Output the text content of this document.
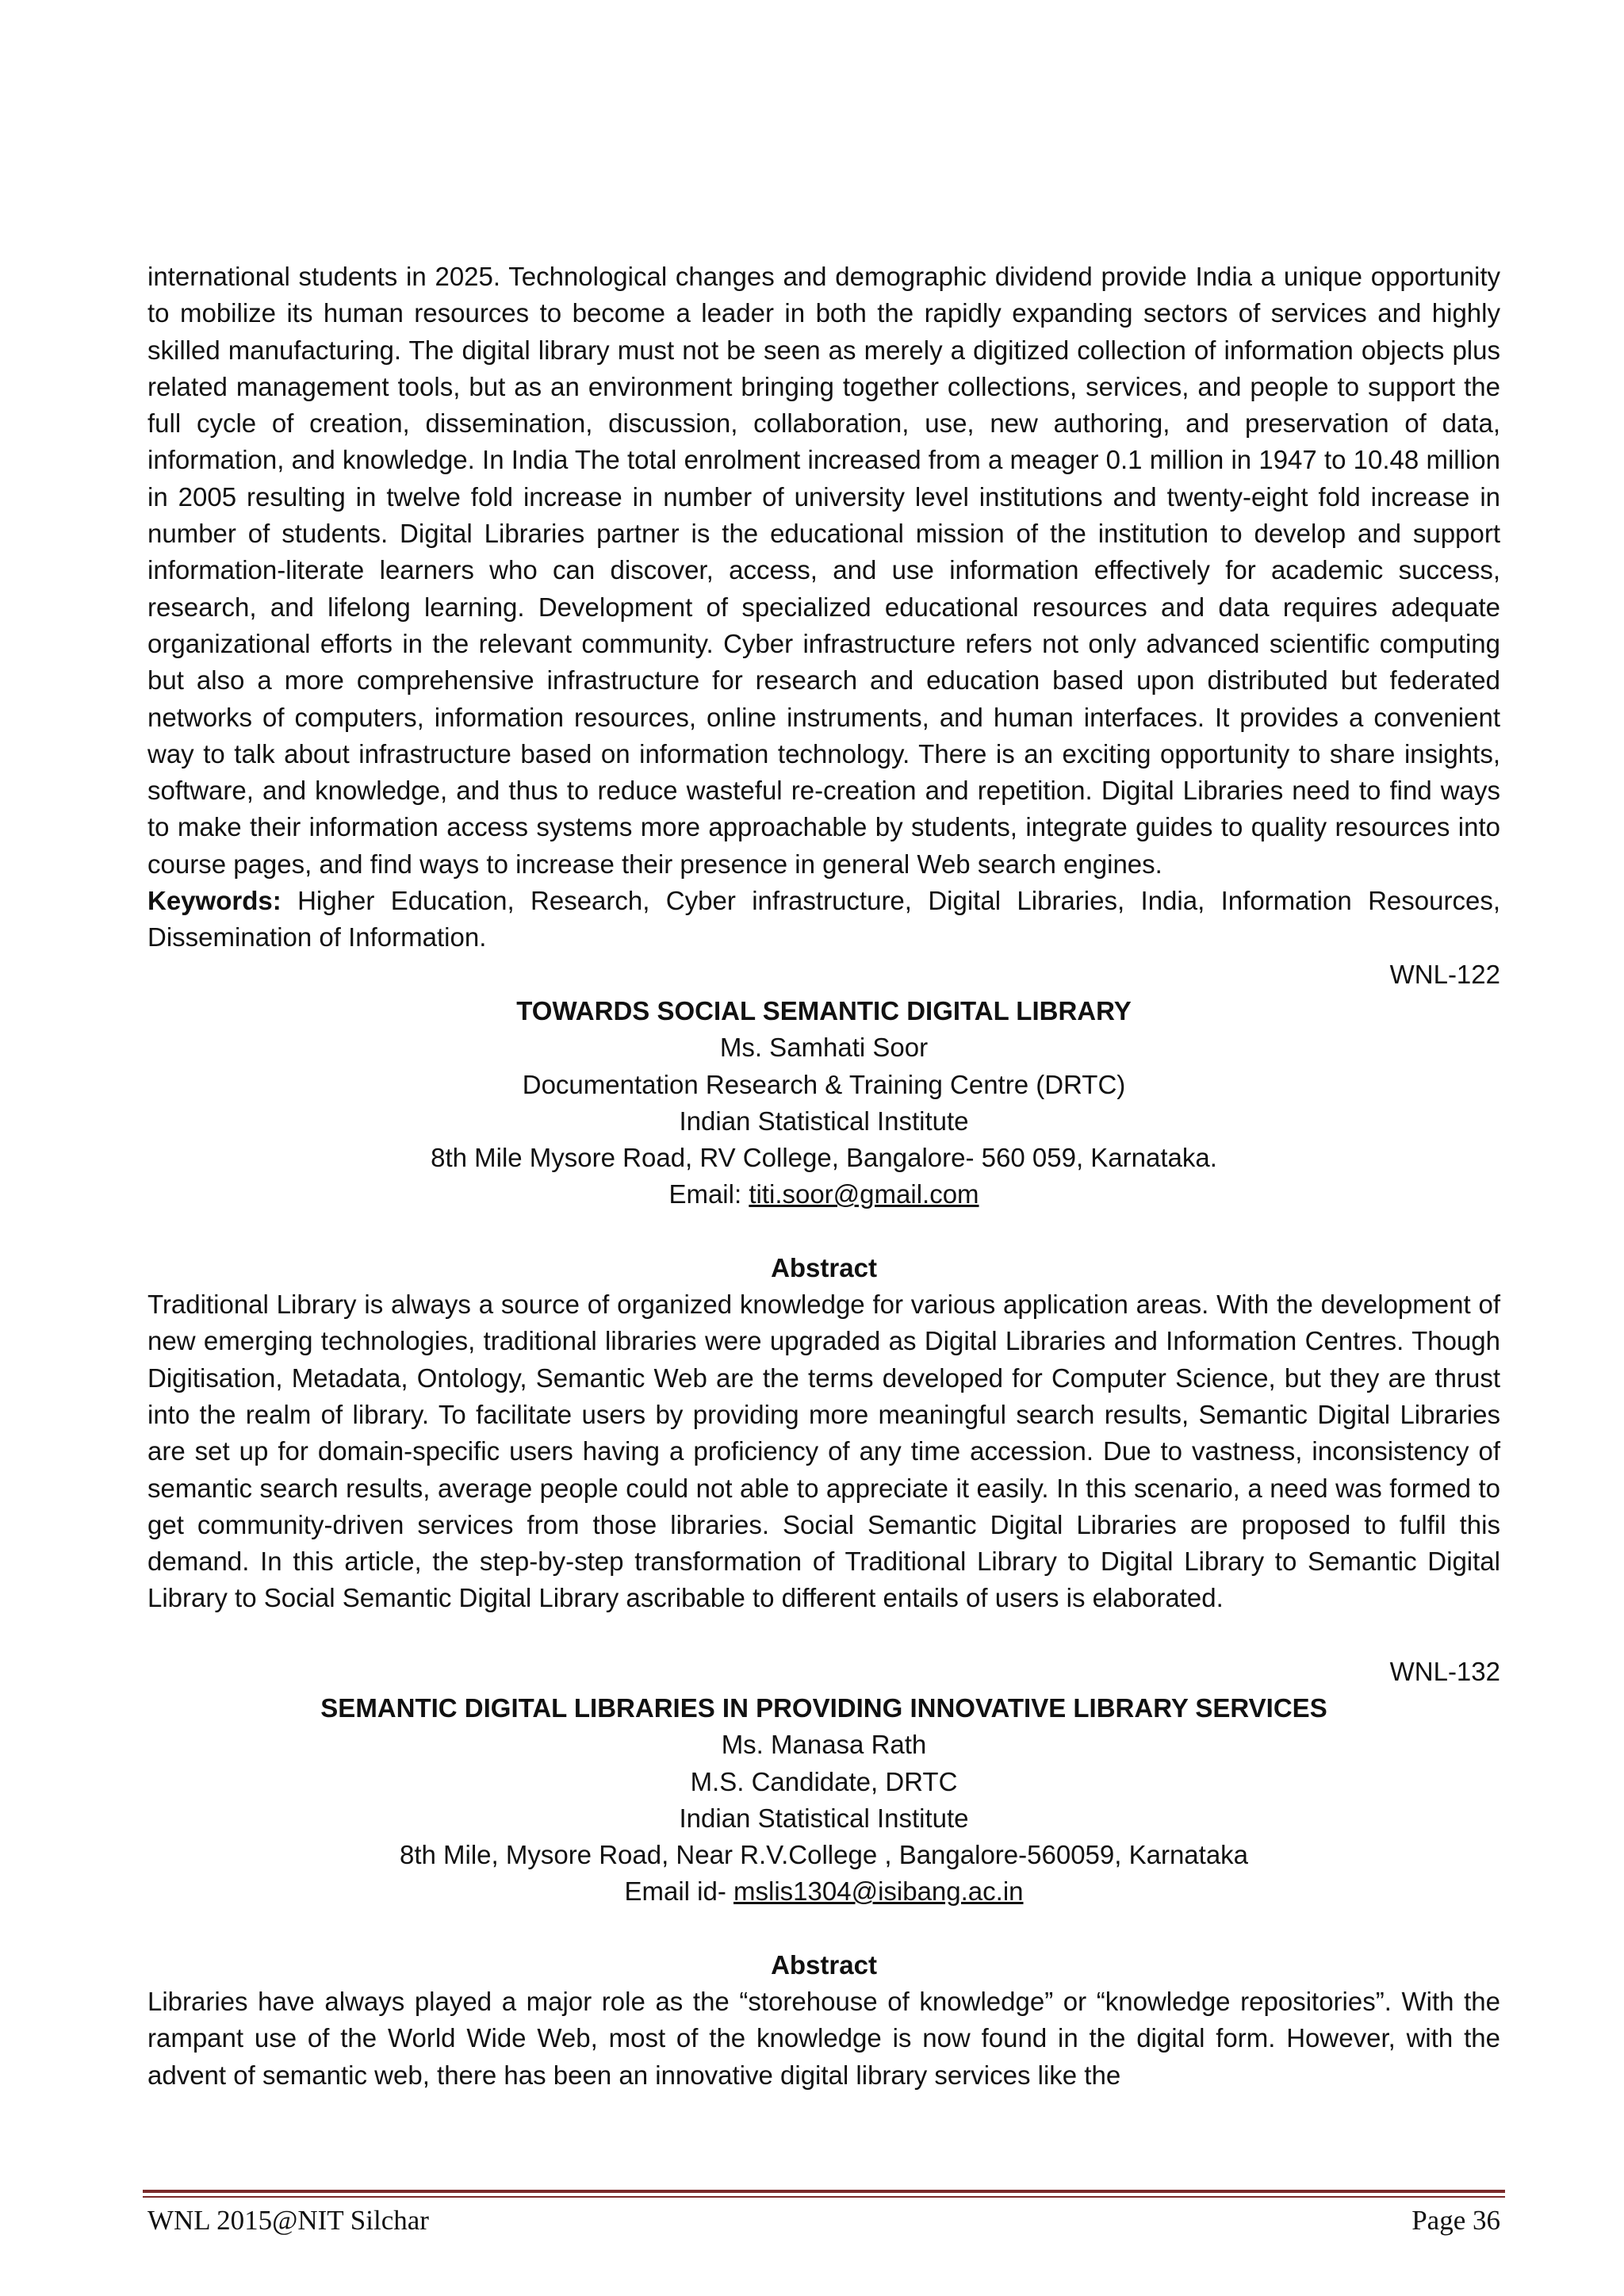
international students in 2025. Technological changes and demographic dividend provide India a unique opportunity to mobilize its human resources to become a leader in both the rapidly expanding sectors of services and highly skilled manufacturing. The digital library must not be seen as merely a digitized collection of information objects plus related management tools, but as an environment bringing together collections, services, and people to support the full cycle of creation, dissemination, discussion, collaboration, use, new authoring, and preservation of data, information, and knowledge. In India The total enrolment increased from a meager 0.1 million in 1947 to 10.48 million in 2005 resulting in twelve fold increase in number of university level institutions and twenty-eight fold increase in number of students. Digital Libraries partner is the educational mission of the institution to develop and support information-literate learners who can discover, access, and use information effectively for academic success, research, and lifelong learning. Development of specialized educational resources and data requires adequate organizational efforts in the relevant community. Cyber infrastructure refers not only advanced scientific computing but also a more comprehensive infrastructure for research and education based upon distributed but federated networks of computers, information resources, online instruments, and human interfaces. It provides a convenient way to talk about infrastructure based on information technology. There is an exciting opportunity to share insights, software, and knowledge, and thus to reduce wasteful re-creation and repetition. Digital Libraries need to find ways to make their information access systems more approachable by students, integrate guides to quality resources into course pages, and find ways to increase their presence in general Web search engines.

Keywords: Higher Education, Research, Cyber infrastructure, Digital Libraries, India, Information Resources, Dissemination of Information.

WNL-122
TOWARDS SOCIAL SEMANTIC DIGITAL LIBRARY
Ms. Samhati Soor
Documentation Research & Training Centre (DRTC)
Indian Statistical Institute
8th Mile Mysore Road, RV College, Bangalore- 560 059, Karnataka.
Email: titi.soor@gmail.com
Abstract

Traditional Library is always a source of organized knowledge for various application areas. With the development of new emerging technologies, traditional libraries were upgraded as Digital Libraries and Information Centres. Though Digitisation, Metadata, Ontology, Semantic Web are the terms developed for Computer Science, but they are thrust into the realm of library. To facilitate users by providing more meaningful search results, Semantic Digital Libraries are set up for domain-specific users having a proficiency of any time accession. Due to vastness, inconsistency of semantic search results, average people could not able to appreciate it easily. In this scenario, a need was formed to get community-driven services from those libraries. Social Semantic Digital Libraries are proposed to fulfil this demand. In this article, the step-by-step transformation of Traditional Library to Digital Library to Semantic Digital Library to Social Semantic Digital Library ascribable to different entails of users is elaborated.

WNL-132
SEMANTIC DIGITAL LIBRARIES IN PROVIDING INNOVATIVE LIBRARY SERVICES
Ms. Manasa Rath
M.S. Candidate, DRTC
Indian Statistical Institute
8th Mile, Mysore Road, Near R.V.College , Bangalore-560059, Karnataka
Email id- mslis1304@isibang.ac.in
Abstract

Libraries have always played a major role as the “storehouse of knowledge” or “knowledge repositories”. With the rampant use of the World Wide Web, most of the knowledge is now found in the digital form. However, with the advent of semantic web, there has been an innovative digital library services like the

WNL 2015@NIT Silchar	Page 36
